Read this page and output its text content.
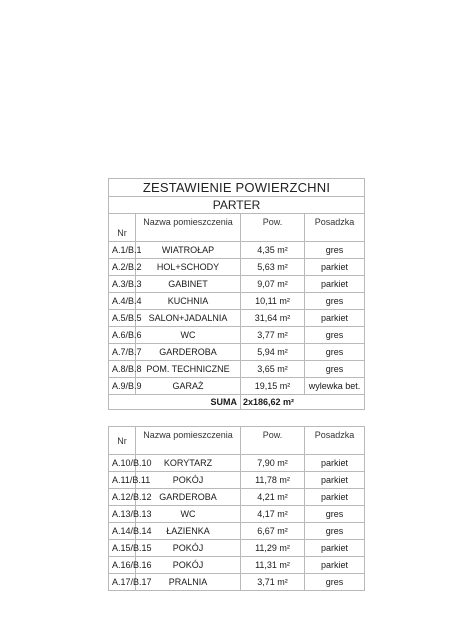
ZESTAWIENIE POWIERZCHNI			
PARTER			
Nr	Nazwa pomieszczenia	Pow.	Posadzka
A.1/B.1	WIATROŁAP	4,35 m²	gres
A.2/B.2	HOL+SCHODY	5,63 m²	parkiet
A.3/B.3	GABINET	9,07 m²	parkiet
A.4/B.4	KUCHNIA	10,11 m²	gres
A.5/B.5	SALON+JADALNIA	31,64 m²	parkiet
A.6/B.6	WC	3,77 m²	gres
A.7/B.7	GARDEROBA	5,94 m²	gres
A.8/B.8	POM. TECHNICZNE	3,65 m²	gres
A.9/B.9	GARAŻ	19,15 m²	wylewka bet.
SUMA		2x186,62 m²	
Nr	Nazwa pomieszczenia	Pow.	Posadzka
A.10/B.10	KORYTARZ	7,90 m²	parkiet
A.11/B.11	POKÓJ	11,78 m²	parkiet
A.12/B.12	GARDEROBA	4,21 m²	parkiet
A.13/B.13	WC	4,17 m²	gres
A.14/B.14	ŁAZIENKA	6,67 m²	gres
A.15/B.15	POKÓJ	11,29 m²	parkiet
A.16/B.16	POKÓJ	11,31 m²	parkiet
A.17/B.17	PRALNIA	3,71 m²	gres
